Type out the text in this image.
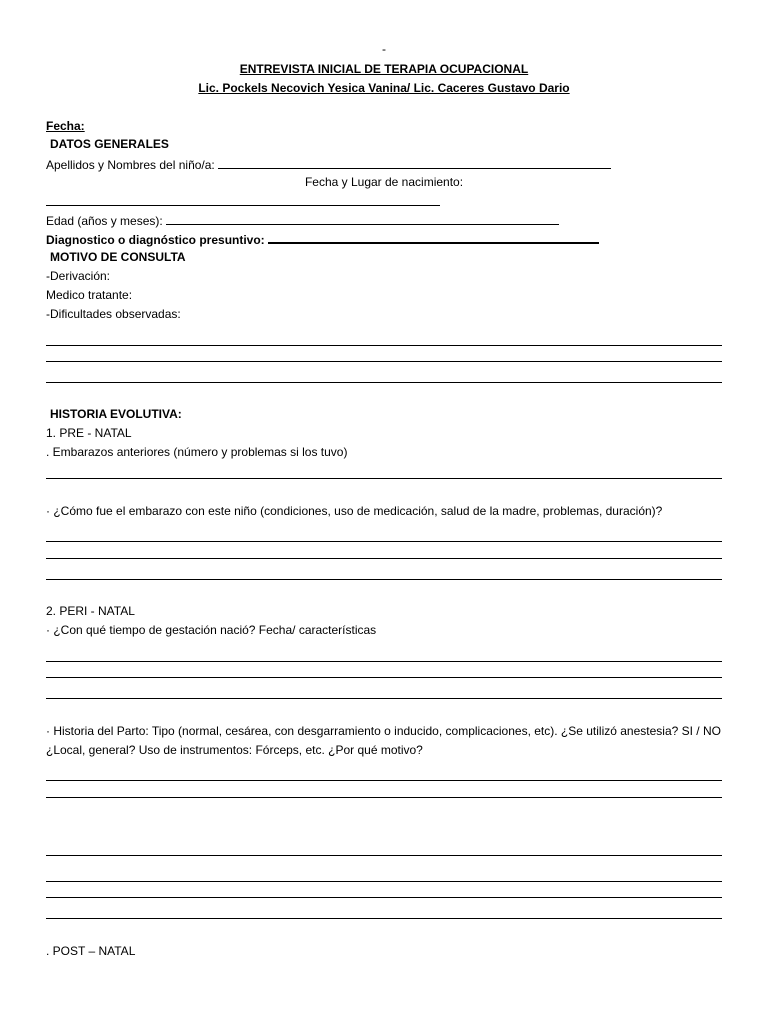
-
ENTREVISTA INICIAL DE TERAPIA OCUPACIONAL
Lic. Pockels Necovich Yesica Vanina/ Lic. Caceres Gustavo Dario
Fecha:
DATOS GENERALES
Apellidos y Nombres del niño/a:
Fecha y Lugar de nacimiento:
Edad (años y meses):
Diagnostico o diagnóstico presuntivo:
MOTIVO DE CONSULTA
-Derivación:
Medico tratante:
-Dificultades observadas:
HISTORIA EVOLUTIVA:
1. PRE - NATAL
. Embarazos anteriores (número y problemas si los tuvo)
· ¿Cómo fue el embarazo con este niño (condiciones, uso de medicación, salud de la madre, problemas, duración)?
2. PERI - NATAL
· ¿Con qué tiempo de gestación nació? Fecha/ características
· Historia del Parto: Tipo (normal, cesárea, con desgarramiento o inducido, complicaciones, etc). ¿Se utilizó anestesia? SI / NO
¿Local, general? Uso de instrumentos: Fórceps, etc. ¿Por qué motivo?
. POST – NATAL
